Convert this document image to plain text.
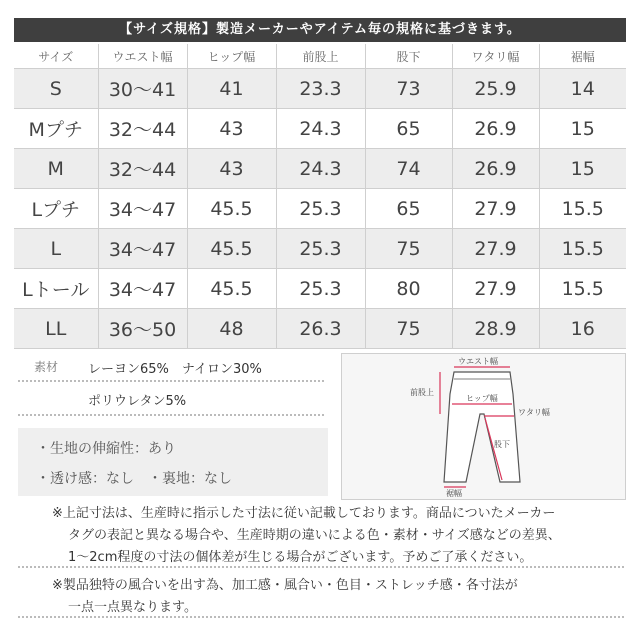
【サイズ規格】製造メーカーやアイテム毎の規格に基づきます。
サイズ	ウエスト幅	ヒップ幅	前股上	股下	ワタリ幅	裾幅
S	30〜41	41	23.3	73	25.9	14
Mプチ	32〜44	43	24.3	65	26.9	15
M	32〜44	43	24.3	74	26.9	15
Lプチ	34〜47	45.5	25.3	65	27.9	15.5
L	34〜47	45.5	25.3	75	27.9	15.5
Lトール	34〜47	45.5	25.3	80	27.9	15.5
LL	36〜50	48	26.3	75	28.9	16
素材 レーヨン65%　ナイロン30%
ポリウレタン5%
・生地の伸縮性：あり
・透け感：なし　・裏地：なし
ウエスト幅
前股上
ヒップ幅
ワタリ幅
股下
裾幅
※上記寸法は、生産時に指示した寸法に従い記載しております。商品についたメーカー
タグの表記と異なる場合や、生産時期の違いによる色・素材・サイズ感などの差異、
1〜2cm程度の寸法の個体差が生じる場合がございます。予めご了承ください。
※製品独特の風合いを出す為、加工感・風合い・色目・ストレッチ感・各寸法が
一点一点異なります。
